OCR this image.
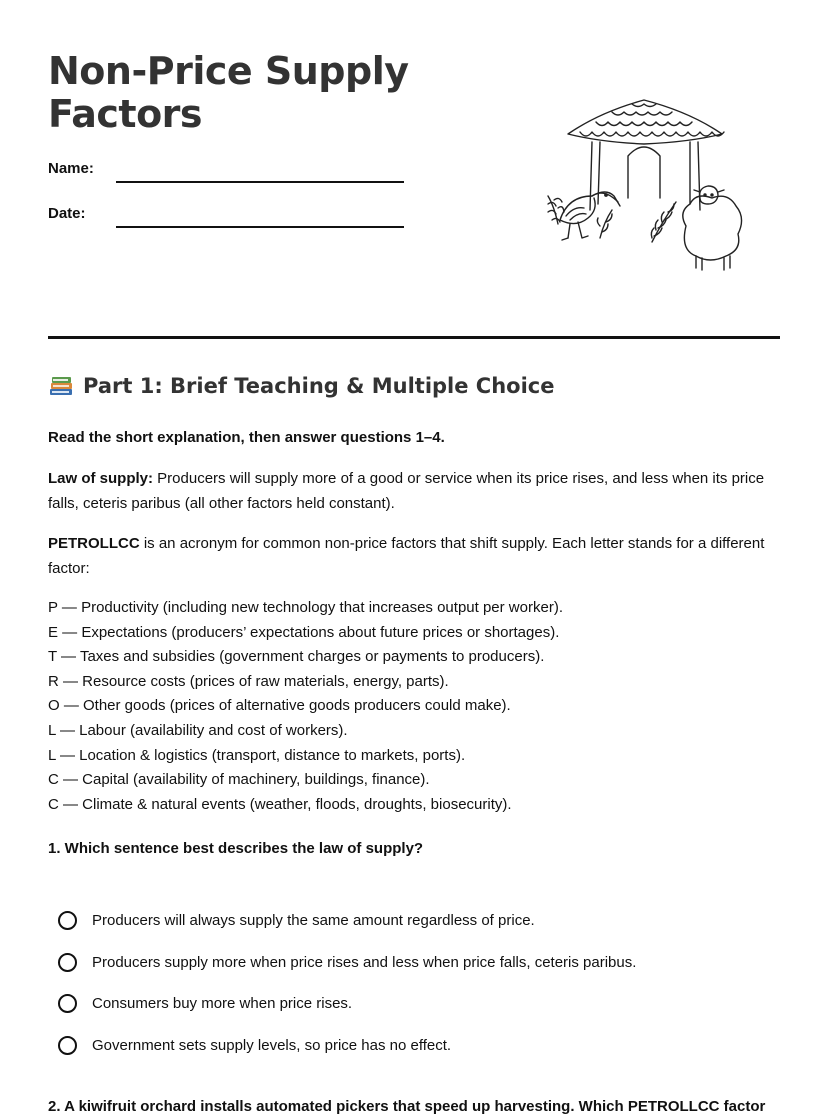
Non-Price Supply
Factors
Name:
Date:
Part 1: Brief Teaching & Multiple Choice
Read the short explanation, then answer questions 1–4.

Law of supply: Producers will supply more of a good or service when its price rises, and less when its price falls, ceteris paribus (all other factors held constant).

PETROLLCC is an acronym for common non-price factors that shift supply. Each letter stands for a different factor:

P — Productivity (including new technology that increases output per worker).
E — Expectations (producers’ expectations about future prices or shortages).
T — Taxes and subsidies (government charges or payments to producers).
R — Resource costs (prices of raw materials, energy, parts).
O — Other goods (prices of alternative goods producers could make).
L — Labour (availability and cost of workers).
L — Location & logistics (transport, distance to markets, ports).
C — Capital (availability of machinery, buildings, finance).
C — Climate & natural events (weather, floods, droughts, biosecurity).
1. Which sentence best describes the law of supply?
Producers will always supply the same amount regardless of price.
Producers supply more when price rises and less when price falls, ceteris paribus.
Consumers buy more when price rises.
Government sets supply levels, so price has no effect.
2. A kiwifruit orchard installs automated pickers that speed up harvesting. Which PETROLLCC factor
